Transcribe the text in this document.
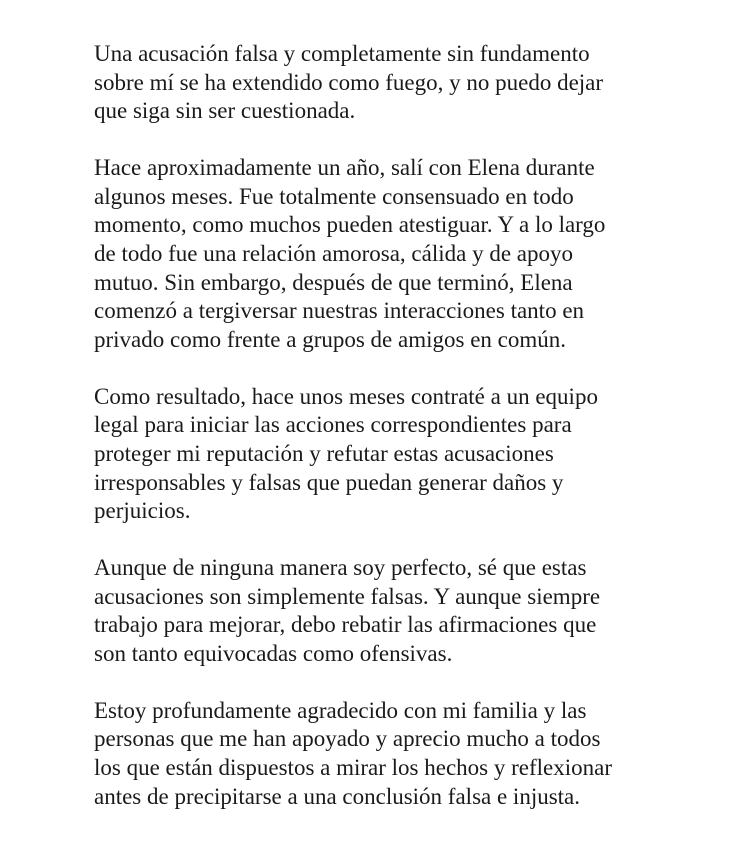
Una acusación falsa y completamente sin fundamento
sobre mí se ha extendido como fuego, y no puedo dejar
que siga sin ser cuestionada.

Hace aproximadamente un año, salí con Elena durante
algunos meses. Fue totalmente consensuado en todo
momento, como muchos pueden atestiguar. Y a lo largo
de todo fue una relación amorosa, cálida y de apoyo
mutuo. Sin embargo, después de que terminó, Elena
comenzó a tergiversar nuestras interacciones tanto en
privado como frente a grupos de amigos en común.

Como resultado, hace unos meses contraté a un equipo
legal para iniciar las acciones correspondientes para
proteger mi reputación y refutar estas acusaciones
irresponsables y falsas que puedan generar daños y
perjuicios.

Aunque de ninguna manera soy perfecto, sé que estas
acusaciones son simplemente falsas. Y aunque siempre
trabajo para mejorar, debo rebatir las afirmaciones que
son tanto equivocadas como ofensivas.

Estoy profundamente agradecido con mi familia y las
personas que me han apoyado y aprecio mucho a todos
los que están dispuestos a mirar los hechos y reflexionar
antes de precipitarse a una conclusión falsa e injusta.
